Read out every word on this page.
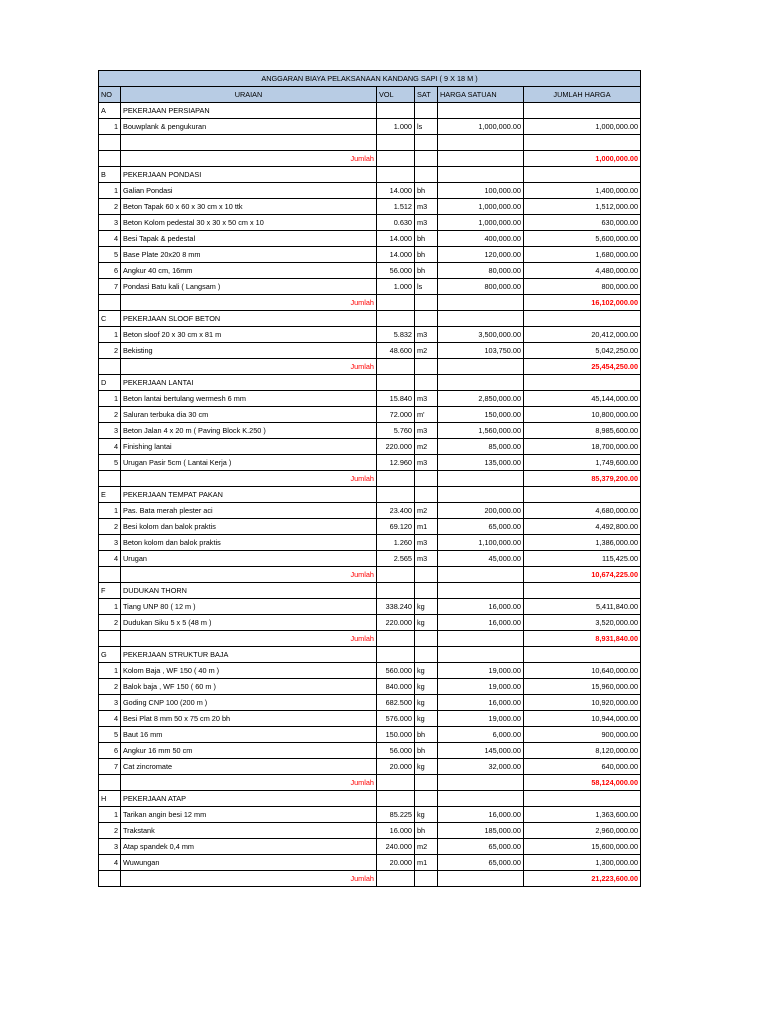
ANGGARAN BIAYA PELAKSANAAN KANDANG SAPI ( 9 X 18 M )					
NO	URAIAN	VOL	SAT	HARGA SATUAN	JUMLAH HARGA
A	PEKERJAAN PERSIAPAN				
1	Bouwplank & pengukuran	1.000	ls	1,000,000.00	1,000,000.00

	Jumlah				1,000,000.00
B	PEKERJAAN PONDASI				
1	Galian Pondasi	14.000	bh	100,000.00	1,400,000.00
2	Beton Tapak 60 x 60 x 30 cm x 10 ttk	1.512	m3	1,000,000.00	1,512,000.00
3	Beton Kolom pedestal 30 x 30 x 50 cm x 10	0.630	m3	1,000,000.00	630,000.00
4	Besi Tapak & pedestal	14.000	bh	400,000.00	5,600,000.00
5	Base Plate 20x20 8 mm	14.000	bh	120,000.00	1,680,000.00
6	Angkur 40 cm, 16mm	56.000	bh	80,000.00	4,480,000.00
7	Pondasi Batu kali ( Langsam )	1.000	ls	800,000.00	800,000.00
	Jumlah				16,102,000.00
C	PEKERJAAN SLOOF BETON				
1	Beton sloof 20 x 30 cm x 81 m	5.832	m3	3,500,000.00	20,412,000.00
2	Bekisting	48.600	m2	103,750.00	5,042,250.00
	Jumlah				25,454,250.00
D	PEKERJAAN LANTAI				
1	Beton lantai bertulang wermesh 6 mm	15.840	m3	2,850,000.00	45,144,000.00
2	Saluran terbuka dia 30 cm	72.000	m'	150,000.00	10,800,000.00
3	Beton Jalan 4 x 20 m ( Paving Block K.250 )	5.760	m3	1,560,000.00	8,985,600.00
4	Finishing lantai	220.000	m2	85,000.00	18,700,000.00
5	Urugan Pasir 5cm ( Lantai Kerja )	12.960	m3	135,000.00	1,749,600.00
	Jumlah				85,379,200.00
E	PEKERJAAN TEMPAT PAKAN				
1	Pas. Bata merah plester aci	23.400	m2	200,000.00	4,680,000.00
2	Besi kolom dan balok praktis	69.120	m1	65,000.00	4,492,800.00
3	Beton kolom dan balok praktis	1.260	m3	1,100,000.00	1,386,000.00
4	Urugan	2.565	m3	45,000.00	115,425.00
	Jumlah				10,674,225.00
F	DUDUKAN THORN				
1	Tiang UNP 80 ( 12 m )	338.240	kg	16,000.00	5,411,840.00
2	Dudukan Siku 5 x 5 (48 m )	220.000	kg	16,000.00	3,520,000.00
	Jumlah				8,931,840.00
G	PEKERJAAN STRUKTUR BAJA				
1	Kolom Baja , WF 150 ( 40 m )	560.000	kg	19,000.00	10,640,000.00
2	Balok baja , WF 150 ( 60 m )	840.000	kg	19,000.00	15,960,000.00
3	Goding CNP 100 (200 m )	682.500	kg	16,000.00	10,920,000.00
4	Besi Plat 8 mm 50 x 75 cm 20 bh	576.000	kg	19,000.00	10,944,000.00
5	Baut 16 mm	150.000	bh	6,000.00	900,000.00
6	Angkur 16 mm 50 cm	56.000	bh	145,000.00	8,120,000.00
7	Cat zincromate	20.000	kg	32,000.00	640,000.00
	Jumlah				58,124,000.00
H	PEKERJAAN ATAP				
1	Tarikan angin besi 12 mm	85.225	kg	16,000.00	1,363,600.00
2	Trakstank	16.000	bh	185,000.00	2,960,000.00
3	Atap spandek 0,4 mm	240.000	m2	65,000.00	15,600,000.00
4	Wuwungan	20.000	m1	65,000.00	1,300,000.00
	Jumlah				21,223,600.00
